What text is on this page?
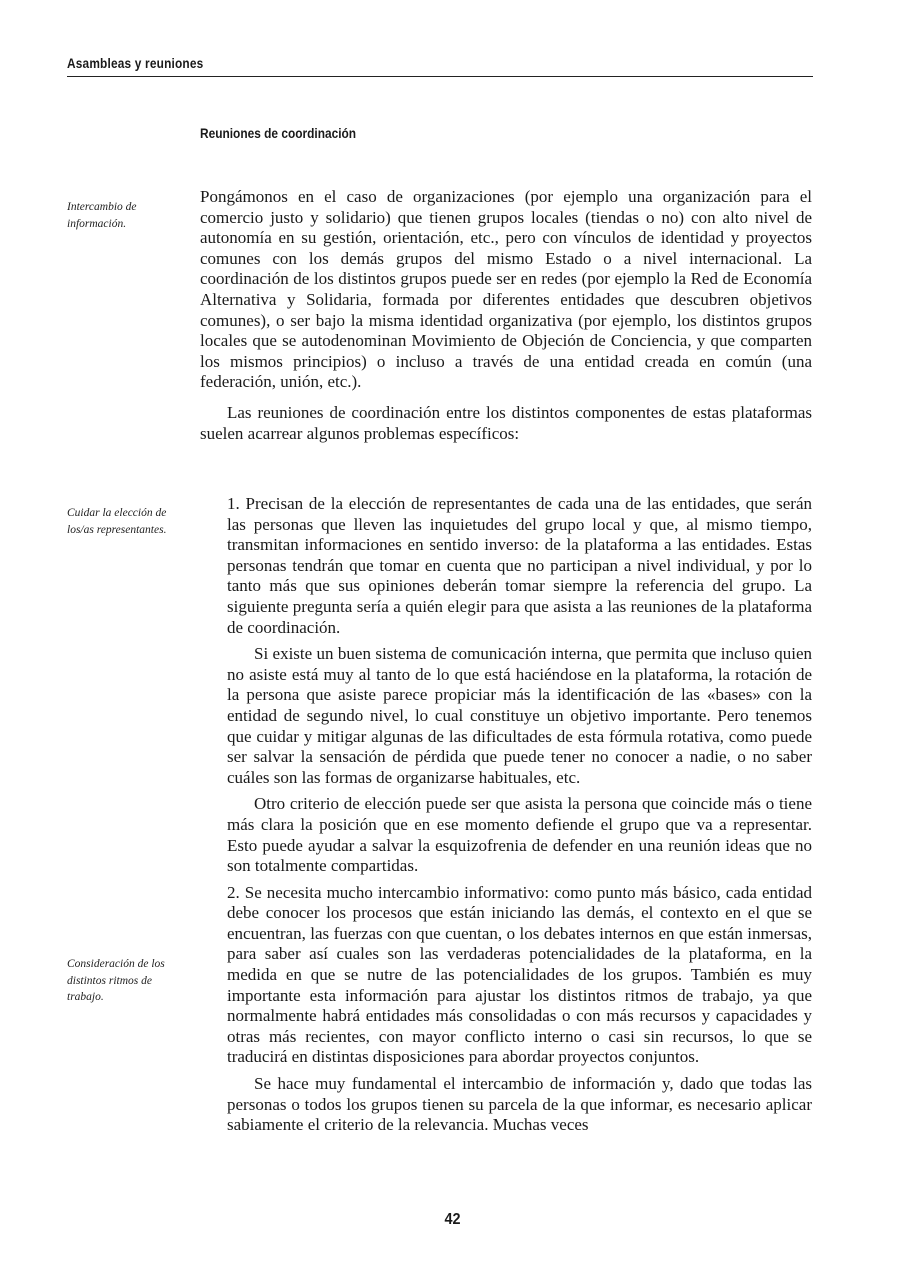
Asambleas y reuniones
Reuniones de coordinación
Intercambio de información.
Cuidar la elección de los/as representantes.
Consideración de los distintos ritmos de trabajo.

Pongámonos en el caso de organizaciones (por ejemplo una organización para el comercio justo y solidario) que tienen grupos locales (tiendas o no) con alto nivel de autonomía en su gestión, orientación, etc., pero con vínculos de identidad y proyectos comunes con los demás grupos del mismo Estado o a nivel internacional. La coordinación de los distintos grupos puede ser en redes (por ejemplo la Red de Economía Alternativa y Solidaria, formada por diferentes entidades que descubren objetivos comunes), o ser bajo la misma identidad organizativa (por ejemplo, los distintos grupos locales que se autodenominan Movimiento de Objeción de Conciencia, y que comparten los mismos principios) o incluso a través de una entidad creada en común (una federación, unión, etc.).

Las reuniones de coordinación entre los distintos componentes de estas plataformas suelen acarrear algunos problemas específicos:

1. Precisan de la elección de representantes de cada una de las entidades, que serán las personas que lleven las inquietudes del grupo local y que, al mismo tiempo, transmitan informaciones en sentido inverso: de la plataforma a las entidades. Estas personas tendrán que tomar en cuenta que no participan a nivel individual, y por lo tanto más que sus opiniones deberán tomar siempre la referencia del grupo. La siguiente pregunta sería a quién elegir para que asista a las reuniones de la plataforma de coordinación.

Si existe un buen sistema de comunicación interna, que permita que incluso quien no asiste está muy al tanto de lo que está haciéndose en la plataforma, la rotación de la persona que asiste parece propiciar más la identificación de las «bases» con la entidad de segundo nivel, lo cual constituye un objetivo importante. Pero tenemos que cuidar y mitigar algunas de las dificultades de esta fórmula rotativa, como puede ser salvar la sensación de pérdida que puede tener no conocer a nadie, o no saber cuáles son las formas de organizarse habituales, etc.

Otro criterio de elección puede ser que asista la persona que coincide más o tiene más clara la posición que en ese momento defiende el grupo que va a representar. Esto puede ayudar a salvar la esquizofrenia de defender en una reunión ideas que no son totalmente compartidas.

2. Se necesita mucho intercambio informativo: como punto más básico, cada entidad debe conocer los procesos que están iniciando las demás, el contexto en el que se encuentran, las fuerzas con que cuentan, o los debates internos en que están inmersas, para saber así cuales son las verdaderas potencialidades de la plataforma, en la medida en que se nutre de las potencialidades de los grupos. También es muy importante esta información para ajustar los distintos ritmos de trabajo, ya que normalmente habrá entidades más consolidadas o con más recursos y capacidades y otras más recientes, con mayor conflicto interno o casi sin recursos, lo que se traducirá en distintas disposiciones para abordar proyectos conjuntos.

Se hace muy fundamental el intercambio de información y, dado que todas las personas o todos los grupos tienen su parcela de la que informar, es necesario aplicar sabiamente el criterio de la relevancia. Muchas veces

42
